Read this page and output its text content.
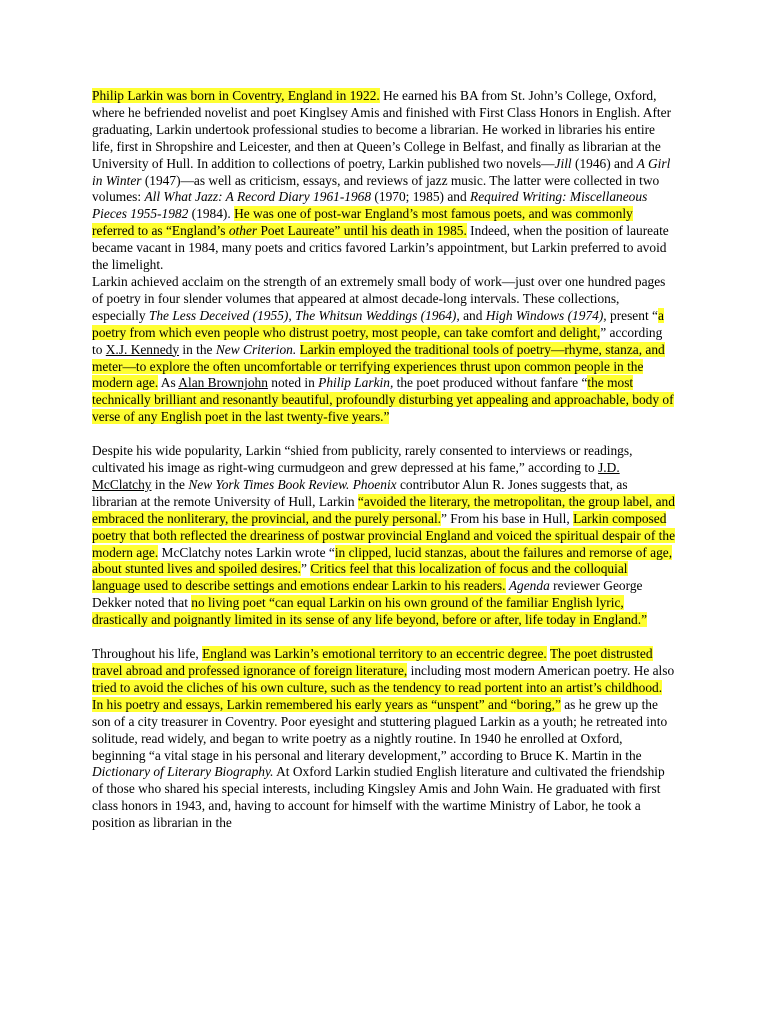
Philip Larkin was born in Coventry, England in 1922. He earned his BA from St. John’s College, Oxford, where he befriended novelist and poet Kinglsey Amis and finished with First Class Honors in English. After graduating, Larkin undertook professional studies to become a librarian. He worked in libraries his entire life, first in Shropshire and Leicester, and then at Queen’s College in Belfast, and finally as librarian at the University of Hull. In addition to collections of poetry, Larkin published two novels—Jill (1946) and A Girl in Winter (1947)—as well as criticism, essays, and reviews of jazz music. The latter were collected in two volumes: All What Jazz: A Record Diary 1961-1968 (1970; 1985) and Required Writing: Miscellaneous Pieces 1955-1982 (1984). He was one of post-war England’s most famous poets, and was commonly referred to as “England’s other Poet Laureate” until his death in 1985. Indeed, when the position of laureate became vacant in 1984, many poets and critics favored Larkin’s appointment, but Larkin preferred to avoid the limelight.

Larkin achieved acclaim on the strength of an extremely small body of work—just over one hundred pages of poetry in four slender volumes that appeared at almost decade-long intervals. These collections, especially The Less Deceived (1955), The Whitsun Weddings (1964), and High Windows (1974), present “a poetry from which even people who distrust poetry, most people, can take comfort and delight,” according to X.J. Kennedy in the New Criterion. Larkin employed the traditional tools of poetry—rhyme, stanza, and meter—to explore the often uncomfortable or terrifying experiences thrust upon common people in the modern age. As Alan Brownjohn noted in Philip Larkin, the poet produced without fanfare “the most technically brilliant and resonantly beautiful, profoundly disturbing yet appealing and approachable, body of verse of any English poet in the last twenty-five years.”

Despite his wide popularity, Larkin “shied from publicity, rarely consented to interviews or readings, cultivated his image as right-wing curmudgeon and grew depressed at his fame,” according to J.D. McClatchy in the New York Times Book Review. Phoenix contributor Alun R. Jones suggests that, as librarian at the remote University of Hull, Larkin “avoided the literary, the metropolitan, the group label, and embraced the nonliterary, the provincial, and the purely personal.” From his base in Hull, Larkin composed poetry that both reflected the dreariness of postwar provincial England and voiced the spiritual despair of the modern age. McClatchy notes Larkin wrote “in clipped, lucid stanzas, about the failures and remorse of age, about stunted lives and spoiled desires.” Critics feel that this localization of focus and the colloquial language used to describe settings and emotions endear Larkin to his readers. Agenda reviewer George Dekker noted that no living poet “can equal Larkin on his own ground of the familiar English lyric, drastically and poignantly limited in its sense of any life beyond, before or after, life today in England.”

Throughout his life, England was Larkin’s emotional territory to an eccentric degree. The poet distrusted travel abroad and professed ignorance of foreign literature, including most modern American poetry. He also tried to avoid the cliches of his own culture, such as the tendency to read portent into an artist’s childhood. In his poetry and essays, Larkin remembered his early years as “unspent” and “boring,” as he grew up the son of a city treasurer in Coventry. Poor eyesight and stuttering plagued Larkin as a youth; he retreated into solitude, read widely, and began to write poetry as a nightly routine. In 1940 he enrolled at Oxford, beginning “a vital stage in his personal and literary development,” according to Bruce K. Martin in the Dictionary of Literary Biography. At Oxford Larkin studied English literature and cultivated the friendship of those who shared his special interests, including Kingsley Amis and John Wain. He graduated with first class honors in 1943, and, having to account for himself with the wartime Ministry of Labor, he took a position as librarian in the
